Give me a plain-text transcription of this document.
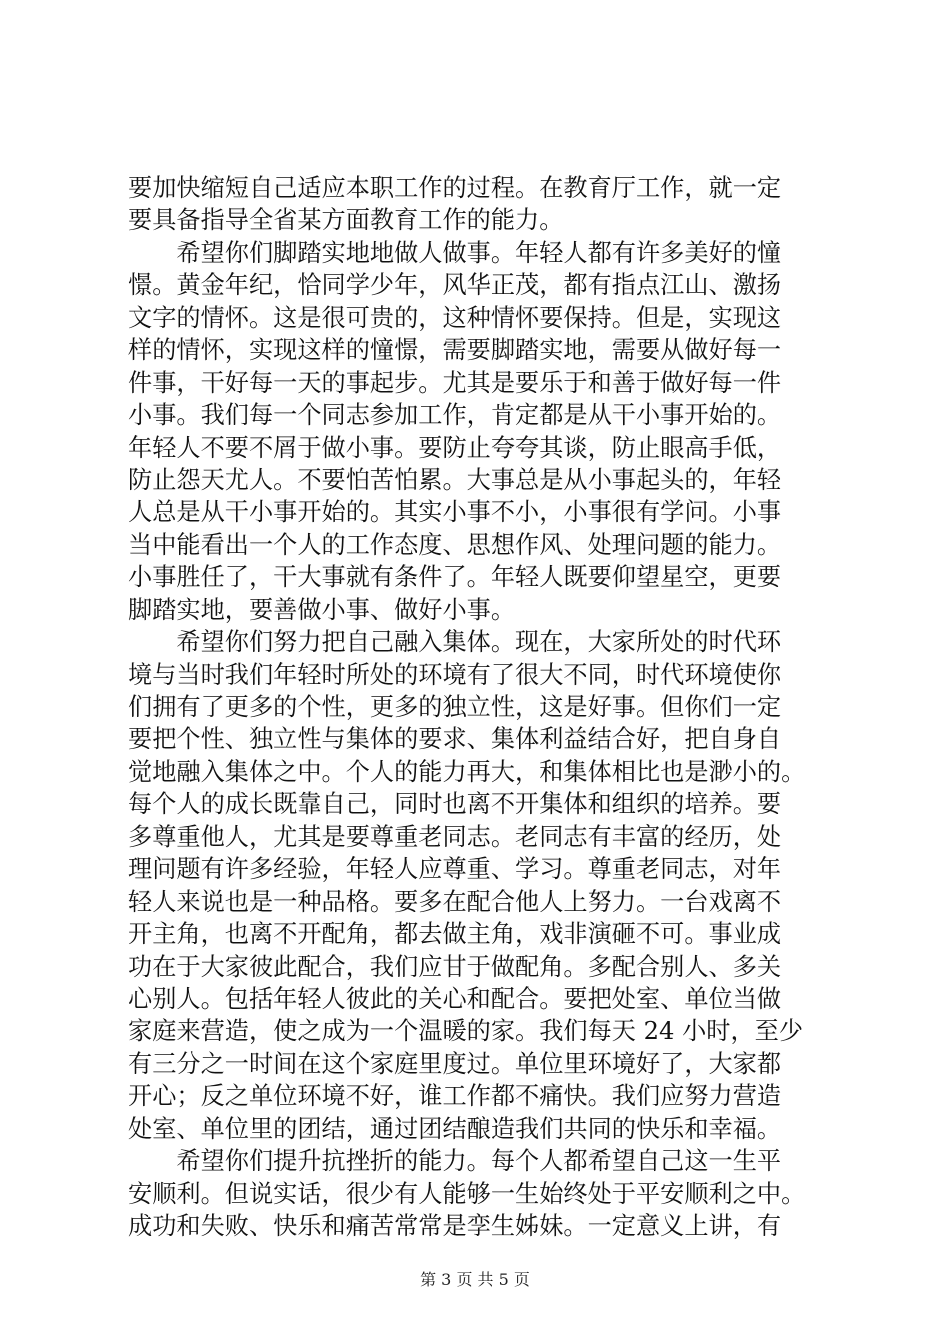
要加快缩短自己适应本职工作的过程。在教育厅工作，就一定
要具备指导全省某方面教育工作的能力。
　　希望你们脚踏实地地做人做事。年轻人都有许多美好的憧
憬。黄金年纪，恰同学少年，风华正茂，都有指点江山、激扬
文字的情怀。这是很可贵的，这种情怀要保持。但是，实现这
样的情怀，实现这样的憧憬，需要脚踏实地，需要从做好每一
件事，干好每一天的事起步。尤其是要乐于和善于做好每一件
小事。我们每一个同志参加工作，肯定都是从干小事开始的。
年轻人不要不屑于做小事。要防止夸夸其谈，防止眼高手低，
防止怨天尤人。不要怕苦怕累。大事总是从小事起头的，年轻
人总是从干小事开始的。其实小事不小，小事很有学问。小事
当中能看出一个人的工作态度、思想作风、处理问题的能力。
小事胜任了，干大事就有条件了。年轻人既要仰望星空，更要
脚踏实地，要善做小事、做好小事。
　　希望你们努力把自己融入集体。现在，大家所处的时代环
境与当时我们年轻时所处的环境有了很大不同，时代环境使你
们拥有了更多的个性，更多的独立性，这是好事。但你们一定
要把个性、独立性与集体的要求、集体利益结合好，把自身自
觉地融入集体之中。个人的能力再大，和集体相比也是渺小的。
每个人的成长既靠自己，同时也离不开集体和组织的培养。要
多尊重他人，尤其是要尊重老同志。老同志有丰富的经历，处
理问题有许多经验，年轻人应尊重、学习。尊重老同志，对年
轻人来说也是一种品格。要多在配合他人上努力。一台戏离不
开主角，也离不开配角，都去做主角，戏非演砸不可。事业成
功在于大家彼此配合，我们应甘于做配角。多配合别人、多关
心别人。包括年轻人彼此的关心和配合。要把处室、单位当做
家庭来营造，使之成为一个温暖的家。我们每天 24 小时，至少
有三分之一时间在这个家庭里度过。单位里环境好了，大家都
开心；反之单位环境不好，谁工作都不痛快。我们应努力营造
处室、单位里的团结，通过团结酿造我们共同的快乐和幸福。
　　希望你们提升抗挫折的能力。每个人都希望自己这一生平
安顺利。但说实话，很少有人能够一生始终处于平安顺利之中。
成功和失败、快乐和痛苦常常是孪生姊妹。一定意义上讲，有
第 3 页 共 5 页
